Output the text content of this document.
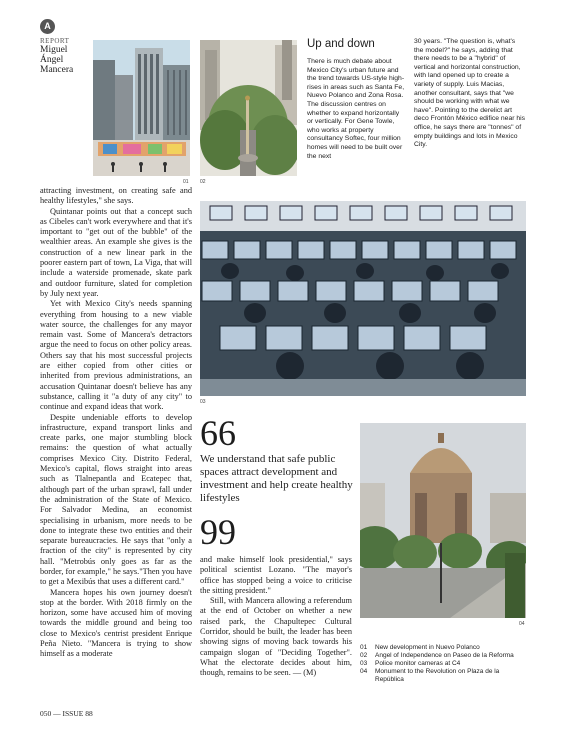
A
REPORT
Miguel Ángel Mancera
01 02
Up and down
There is much debate about Mexico City's urban future and the trend towards US-style high-rises in areas such as Santa Fe, Nuevo Polanco and Zona Rosa. The discussion centres on whether to expand horizontally or vertically. For Gene Towle, who works at property consultancy Softec, four million homes will need to be built over the next
30 years. "The question is, what's the model?" he says, adding that there needs to be a "hybrid" of vertical and horizontal construction, with land opened up to create a variety of supply. Luis Macias, another consultant, says that "we should be working with what we have". Pointing to the derelict art deco Frontón México edifice near his office, he says there are "tonnes" of empty buildings and lots in Mexico City.

attracting investment, on creating safe and healthy lifestyles," she says.

Quintanar points out that a concept such as Cibeles can't work everywhere and that it's important to "get out of the bubble" of the wealthier areas. An example she gives is the construction of a new linear park in the poorer eastern part of town, La Viga, that will include a waterside promenade, skate park and outdoor furniture, slated for completion by July next year.

Yet with Mexico City's needs spanning everything from housing to a new viable water source, the challenges for any mayor remain vast. Some of Mancera's detractors argue the need to focus on other policy areas. Others say that his most successful projects are either copied from other cities or inherited from previous administrations, an accusation Quintanar doesn't believe has any substance, calling it "a duty of any city" to continue and expand ideas that work.

Despite undeniable efforts to develop infrastructure, expand transport links and create parks, one major stumbling block remains: the question of what actually comprises Mexico City. Distrito Federal, Mexico's capital, flows straight into areas such as Tlalnepantla and Ecatepec that, although part of the urban sprawl, fall under the administration of the State of Mexico. For Salvador Medina, an economist specialising in urbanism, more needs to be done to integrate these two entities and their separate bureaucracies. He says that "only a fraction of the city" is represented by city hall. "Metrobús only goes as far as the border, for example," he says."Then you have to get a Mexibús that uses a different card."

Mancera hopes his own journey doesn't stop at the border. With 2018 firmly on the horizon, some have accused him of moving towards the middle ground and being too close to Mexico's centrist president Enrique Peña Nieto. "Mancera is trying to show himself as a moderate

03
66
We understand that safe public spaces attract development and investment and help create healthy lifestyles
99

and make himself look presidential," says political scientist Lozano. "The mayor's office has stopped being a voice to criticise the sitting president."

Still, with Mancera allowing a referendum at the end of October on whether a new raised park, the Chapultepec Cultural Corridor, should be built, the leader has been showing signs of moving back towards his campaign slogan of "Deciding Together". What the electorate decides about him, though, remains to be seen. — (M)

04
01	New development in Nuevo Polanco
02	Angel of Independence on Paseo de la Reforma
03	Police monitor cameras at C4
04	Monument to the Revolution on Plaza de la República
050 — ISSUE 88
